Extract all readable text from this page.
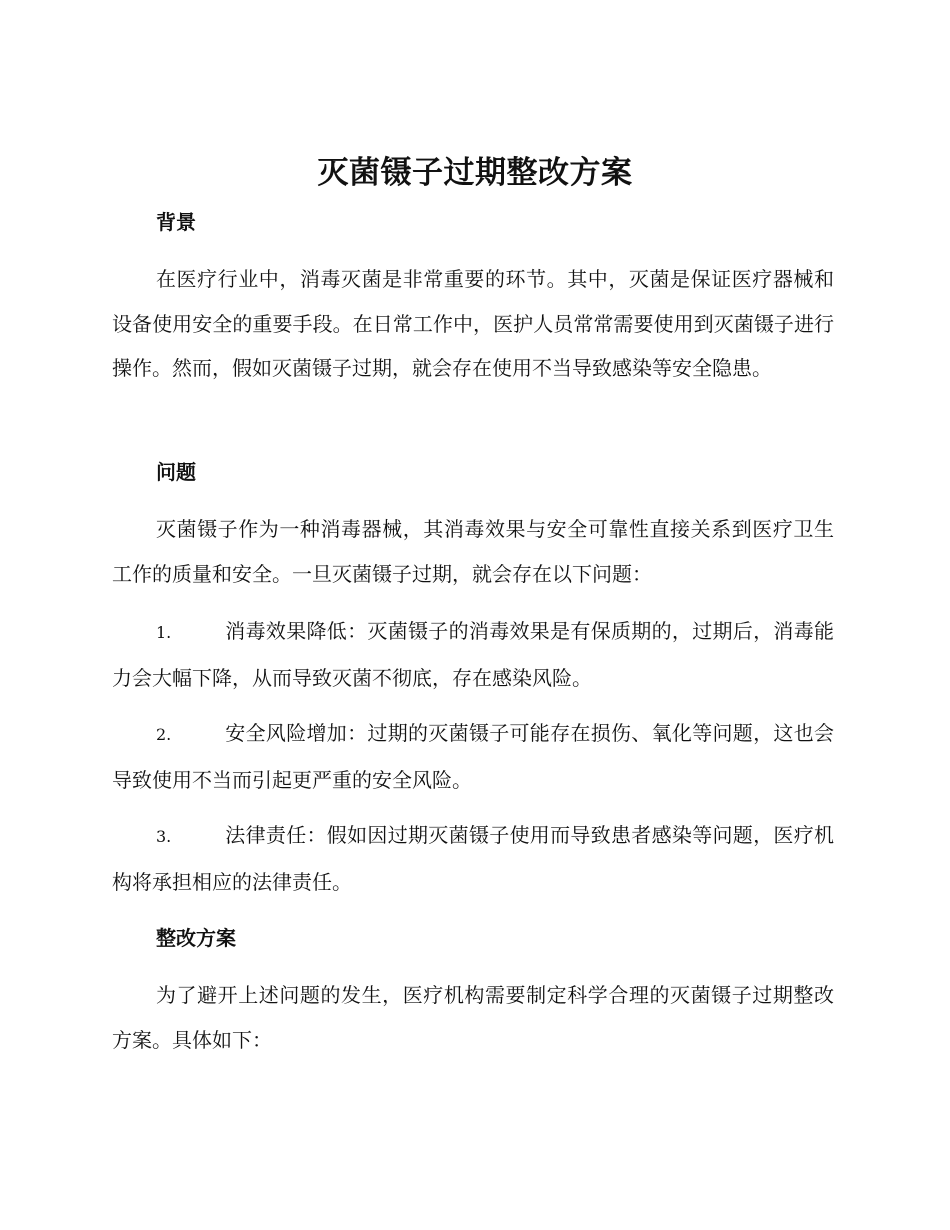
灭菌镊子过期整改方案
背景

在医疗行业中，消毒灭菌是非常重要的环节。其中，灭菌是保证医疗器械和设备使用安全的重要手段。在日常工作中，医护人员常常需要使用到灭菌镊子进行操作。然而，假如灭菌镊子过期，就会存在使用不当导致感染等安全隐患。

问题

灭菌镊子作为一种消毒器械，其消毒效果与安全可靠性直接关系到医疗卫生工作的质量和安全。一旦灭菌镊子过期，就会存在以下问题：

1.	消毒效果降低：灭菌镊子的消毒效果是有保质期的，过期后，消毒能力会大幅下降，从而导致灭菌不彻底，存在感染风险。

2.	安全风险增加：过期的灭菌镊子可能存在损伤、氧化等问题，这也会导致使用不当而引起更严重的安全风险。

3.	法律责任：假如因过期灭菌镊子使用而导致患者感染等问题，医疗机构将承担相应的法律责任。

整改方案

为了避开上述问题的发生，医疗机构需要制定科学合理的灭菌镊子过期整改方案。具体如下：
